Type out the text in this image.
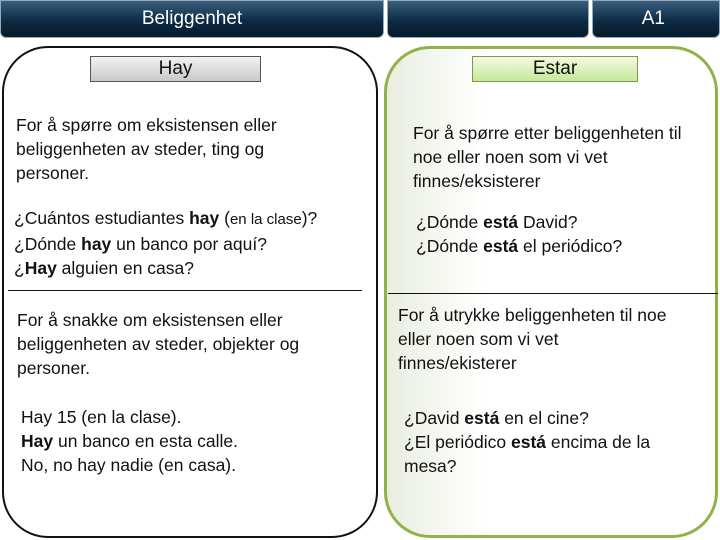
Beliggenhet	A1
Hay	Estar
For å spørre om eksistensen eller
beliggenheten av steder, ting og
personer.
¿Cuántos estudiantes hay (en la clase)?
¿Dónde hay un banco por aquí?
¿Hay alguien en casa?
For å snakke om eksistensen eller
beliggenheten av steder, objekter og
personer.
Hay 15 (en la clase).
Hay un banco en esta calle.
No, no hay nadie (en casa).
For å spørre etter beliggenheten til
noe eller noen som vi vet
finnes/eksisterer
¿Dónde está David?
¿Dónde está el periódico?
For å utrykke beliggenheten til noe
eller noen som vi vet
finnes/ekisterer
¿David está en el cine?
¿El periódico está encima de la
mesa?
